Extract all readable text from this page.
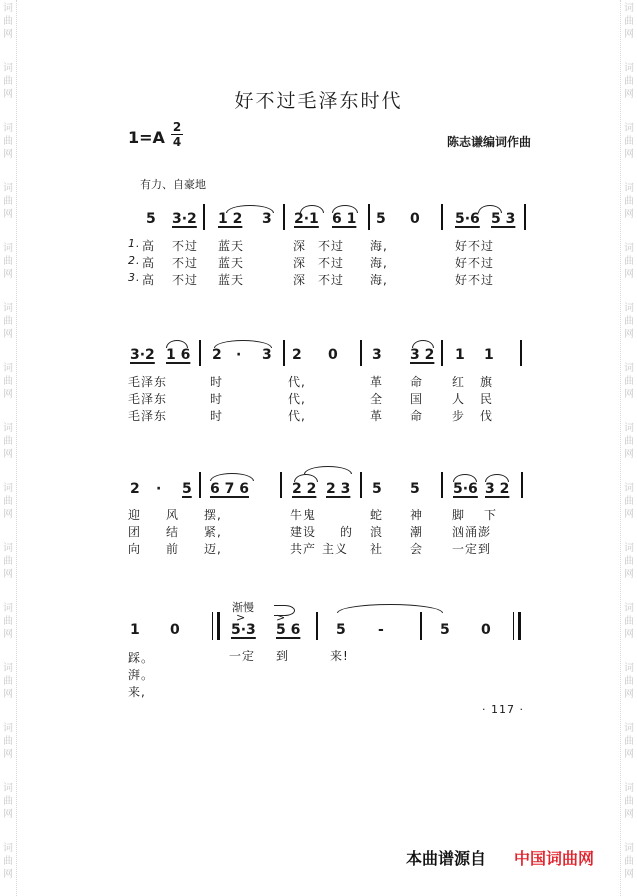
词
曲
网
词
曲
网
词
曲
网
词
曲
网
词
曲
网
词
曲
网
词
曲
网
词
曲
网
词
曲
网
词
曲
网
词
曲
网
词
曲
网
词
曲
网
词
曲
网
词
曲
网
词
曲
网
词
曲
网
词
曲
网
词
曲
网
词
曲
网
词
曲
网
词
曲
网
词
曲
网
词
曲
网
词
曲
网
词
曲
网
词
曲
网
词
曲
网
词
曲
网
词
曲
网
好不过毛泽东时代
1=A
2
4	陈志谦编词作曲
有力、自豪地
5 3·2 1 2 3 2·1 6 1 5 0	5·6 5 3
1.
2.
3.
高 不过 蓝天	深 不过 海,	好不过
高 不过 蓝天	深 不过 海,	好不过
高 不过 蓝天	深 不过 海,	好不过
3·2 1 6 2 · 3 2 0 3 3 2 1 1
毛泽东	时	代,	革 命 红 旗
毛泽东	时	代,	全 国 人 民
毛泽东	时	代,	革 命 步 伐
2 · 5 6 7 6	2 2 2 3 5 5 5·6 3 2
迎 风 摆,	牛鬼	蛇 神 脚 下
团 结 紧,	建设 的 浪 潮 汹涌澎
向 前 迈,	共产 主义 社 会 一定到
渐慢
>	>
1 0	5·3 5 6	5 -	5 0
一定 到	来!
踩。
湃。
来,
· 117 ·
本曲谱源自 中国词曲网
